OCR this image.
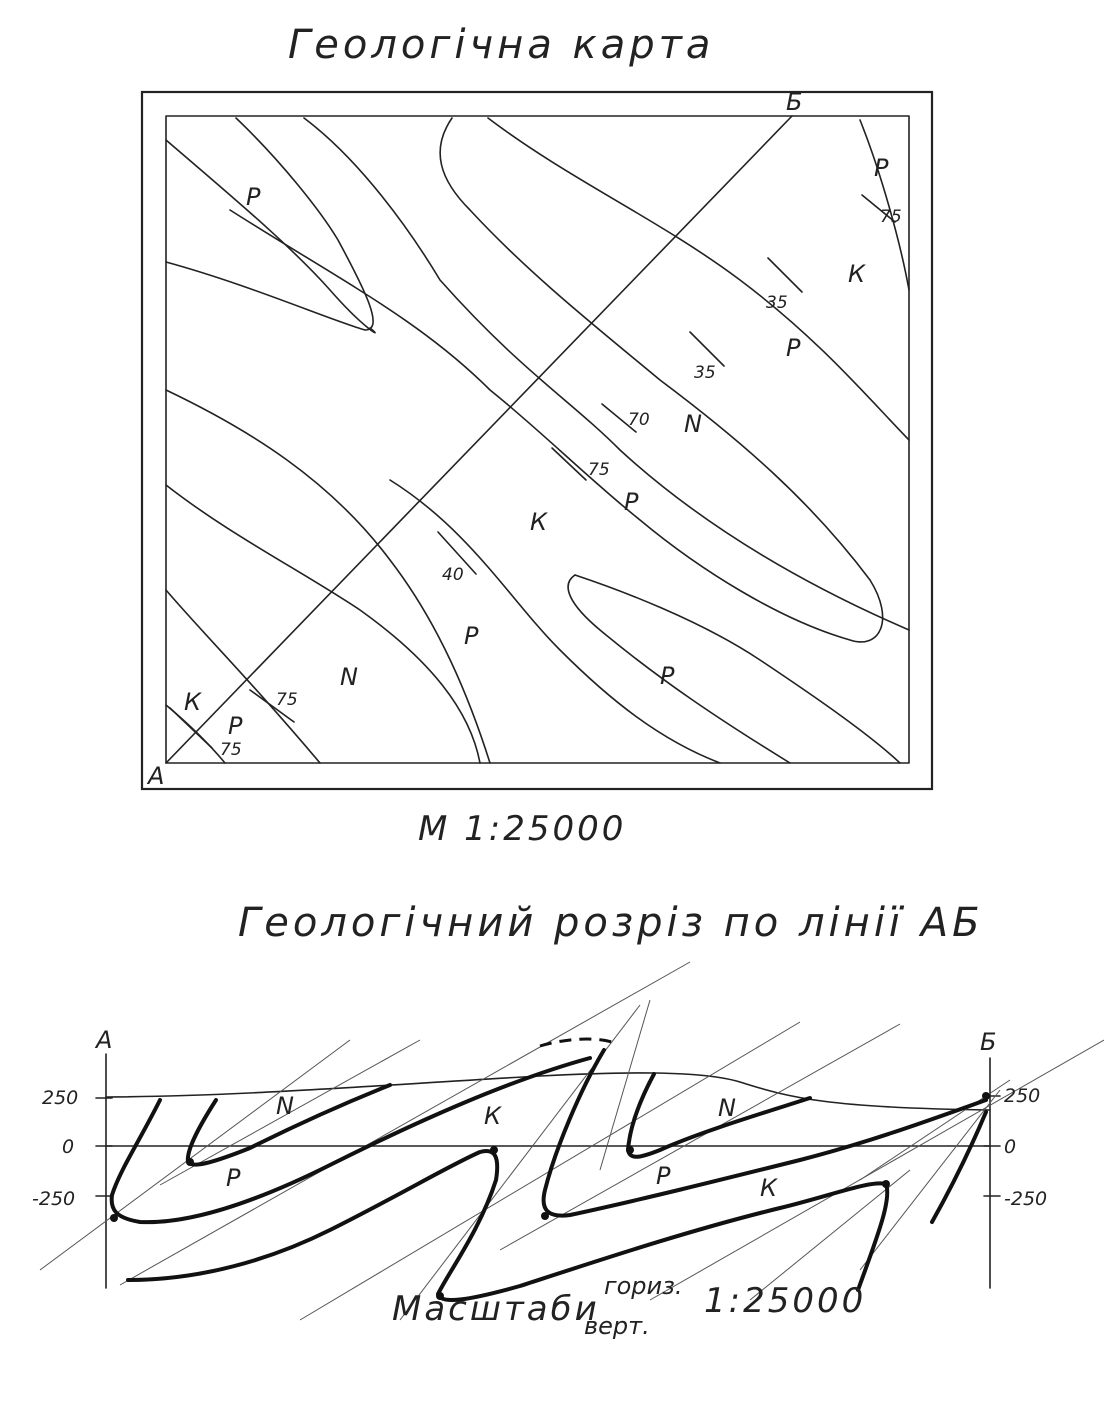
Геологічна карта
75
35
35
70
75
40
75
75
Р
Р
К
Р
N
Р
К
Р
Р
N
К
Р
А
Б
М 1:25000
Геологічний розріз по лінії АБ
А	Б
250
0
-250
250
0
-250
N
Р
К	N
Р	К
Масштаби
гориз.
верт.
1:25000
